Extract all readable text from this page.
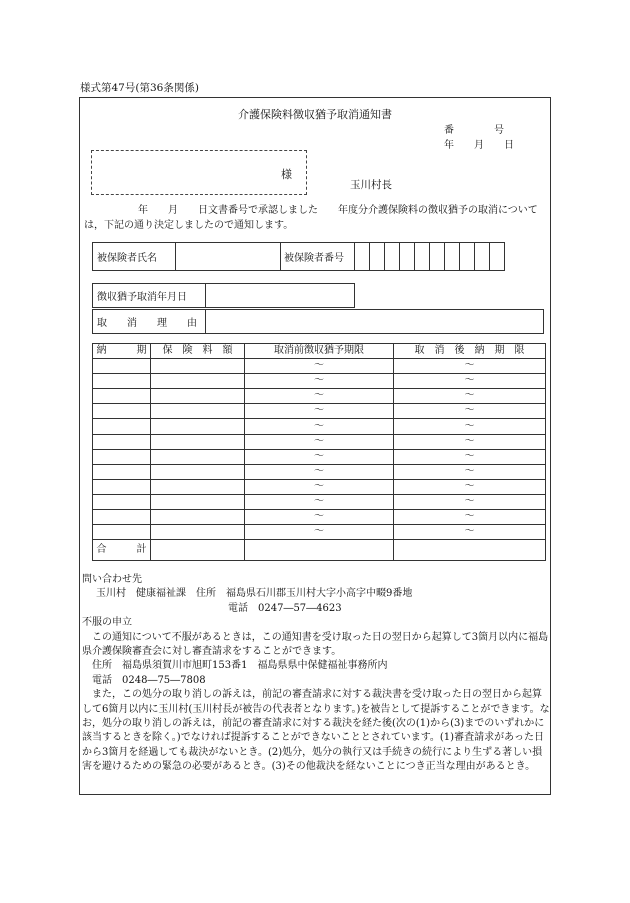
様式第47号(第36条関係)
介護保険料徴収猶予取消通知書
番　　　　号
年　　月　　日
様
玉川村長
年　　月　　日文書番号で承認しました　　年度分介護保険料の徴収猶予の取消については，下記の通り決定しましたので通知します。
被保険者氏名		被保険者番号										
徴収猶予取消年月日	
取　　消　　理　　由	
納　　　期	保　険　料　額	取消前徴収猶予期限	取　消　後　納　期　限
		～	～
		～	～
		～	～
		～	～
		～	～
		～	～
		～	～
		～	～
		～	～
		～	～
		～	～
		～	～
合　　　計			
問い合わせ先
玉川村　健康福祉課　住所　福島県石川郡玉川村大字小高字中畷9番地
電話　0247―57―4623
不服の申立
この通知について不服があるときは，この通知書を受け取った日の翌日から起算して3箇月以内に福島県介護保険審査会に対し審査請求をすることができます。
住所　福島県須賀川市旭町153番1　福島県県中保健福祉事務所内
電話　0248―75―7808
また，この処分の取り消しの訴えは，前記の審査請求に対する裁決書を受け取った日の翌日から起算して6箇月以内に玉川村(玉川村長が被告の代表者となります。)を被告として提訴することができます。なお，処分の取り消しの訴えは，前記の審査請求に対する裁決を経た後(次の(1)から(3)までのいずれかに該当するときを除く。)でなければ提訴することができないこととされています。(1)審査請求があった日から3箇月を経過しても裁決がないとき。(2)処分，処分の執行又は手続きの続行により生ずる著しい損害を避けるための緊急の必要があるとき。(3)その他裁決を経ないことにつき正当な理由があるとき。
